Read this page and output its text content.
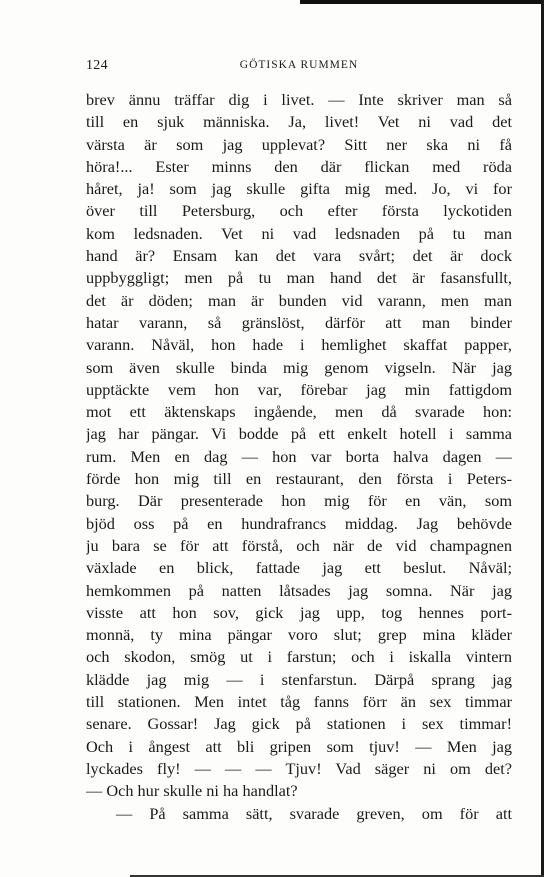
124	GÖTISKA RUMMEN
brev ännu träffar dig i livet. — Inte skriver man så
till en sjuk människa. Ja, livet! Vet ni vad det
värsta är som jag upplevat? Sitt ner ska ni få
höra!... Ester minns den där flickan med röda
håret, ja! som jag skulle gifta mig med. Jo, vi for
över till Petersburg, och efter första lyckotiden
kom ledsnaden. Vet ni vad ledsnaden på tu man
hand är? Ensam kan det vara svårt; det är dock
uppbyggligt; men på tu man hand det är fasansfullt,
det är döden; man är bunden vid varann, men man
hatar varann, så gränslöst, därför att man binder
varann. Nåväl, hon hade i hemlighet skaffat papper,
som även skulle binda mig genom vigseln. När jag
upptäckte vem hon var, förebar jag min fattigdom
mot ett äktenskaps ingående, men då svarade hon:
jag har pängar. Vi bodde på ett enkelt hotell i samma
rum. Men en dag — hon var borta halva dagen —
förde hon mig till en restaurant, den första i Peters-
burg. Där presenterade hon mig för en vän, som
bjöd oss på en hundrafrancs middag. Jag behövde
ju bara se för att förstå, och när de vid champagnen
växlade en blick, fattade jag ett beslut. Nåväl;
hemkommen på natten låtsades jag somna. När jag
visste att hon sov, gick jag upp, tog hennes port-
monnä, ty mina pängar voro slut; grep mina kläder
och skodon, smög ut i farstun; och i iskalla vintern
klädde jag mig — i stenfarstun. Därpå sprang jag
till stationen. Men intet tåg fanns förr än sex timmar
senare. Gossar! Jag gick på stationen i sex timmar!
Och i ångest att bli gripen som tjuv! — Men jag
lyckades fly! — — — Tjuv! Vad säger ni om det?
— Och hur skulle ni ha handlat?
— På samma sätt, svarade greven, om för att
